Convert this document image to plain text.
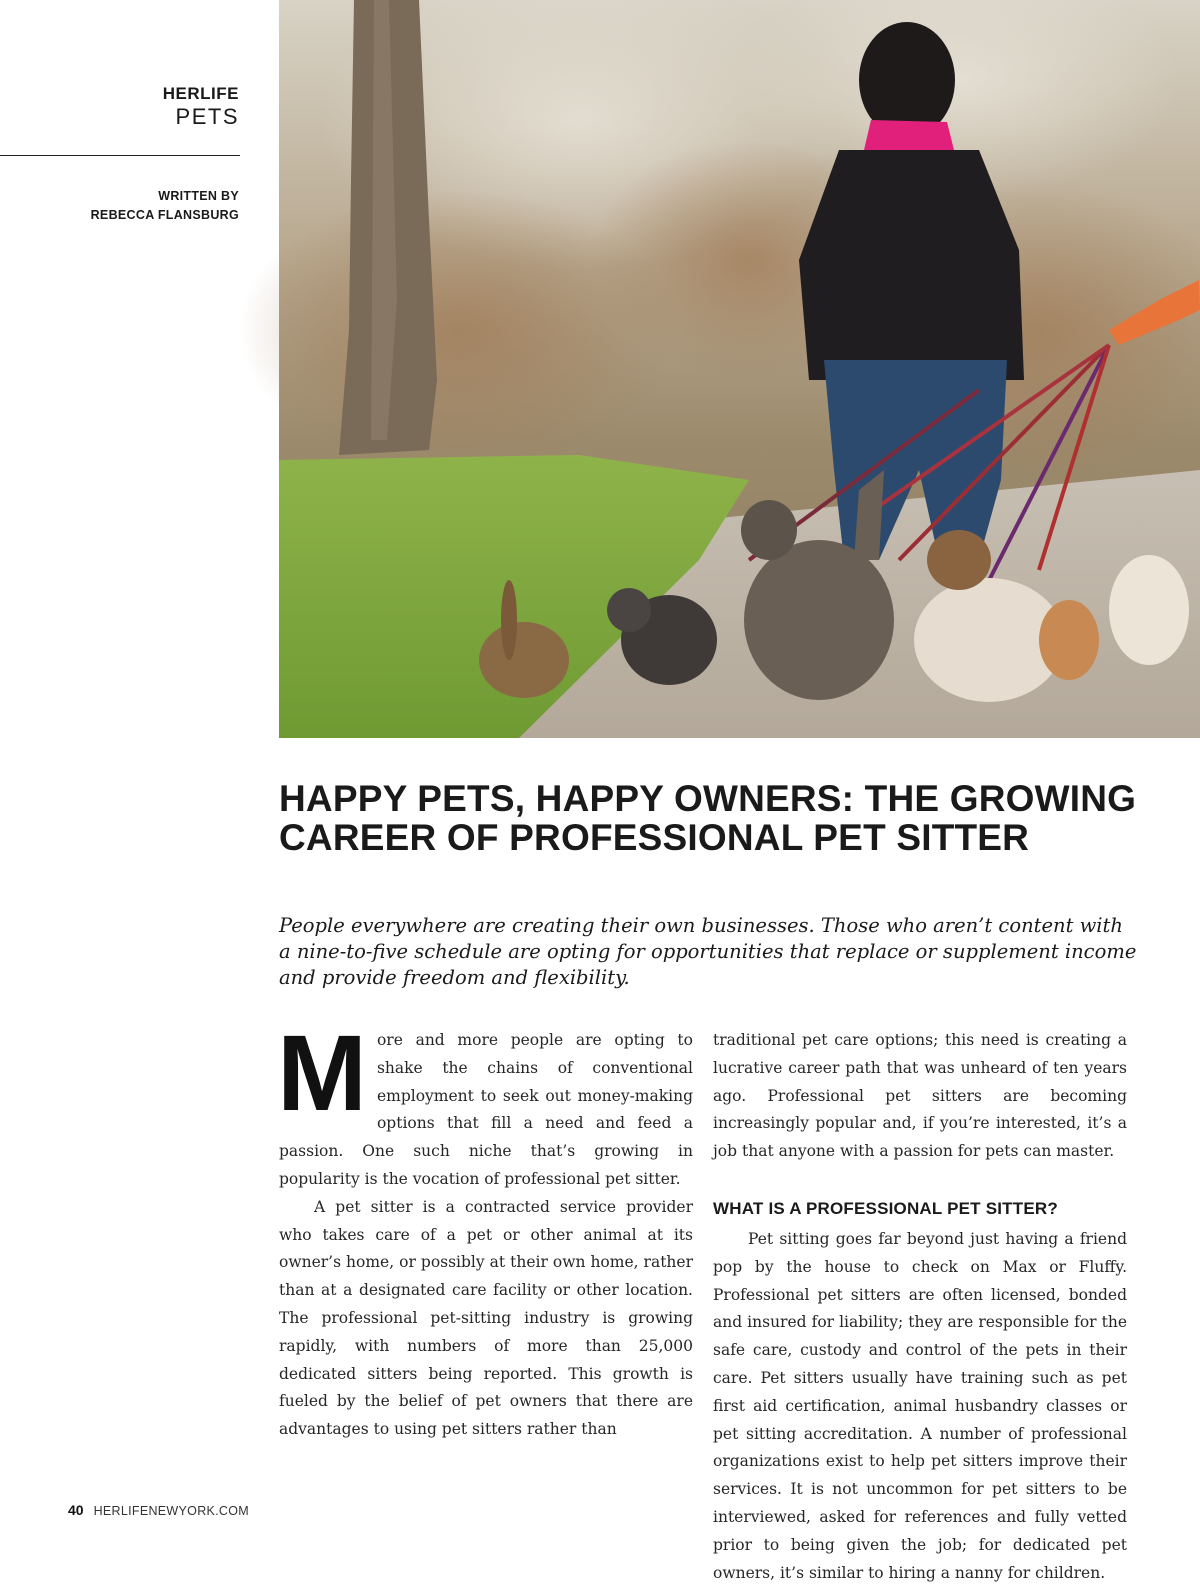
HERLIFE
PETS
WRITTEN BY
REBECCA FLANSBURG
HAPPY PETS, HAPPY OWNERS: THE GROWING CAREER OF PROFESSIONAL PET SITTER

People everywhere are creating their own businesses. Those who aren’t content with a nine-to-five schedule are opting for opportunities that replace or supplement income and provide freedom and flexibility.

More and more people are opting to shake the chains of conventional employment to seek out money-making options that fill a need and feed a passion. One such niche that’s growing in popularity is the vocation of professional pet sitter.

A pet sitter is a contracted service provider who takes care of a pet or other animal at its owner’s home, or possibly at their own home, rather than at a designated care facility or other location. The professional pet-sitting industry is growing rapidly, with numbers of more than 25,000 dedicated sitters being reported. This growth is fueled by the belief of pet owners that there are advantages to using pet sitters rather than

traditional pet care options; this need is creating a lucrative career path that was unheard of ten years ago. Professional pet sitters are becoming increasingly popular and, if you’re interested, it’s a job that anyone with a passion for pets can master.

WHAT IS A PROFESSIONAL PET SITTER?

Pet sitting goes far beyond just having a friend pop by the house to check on Max or Fluffy. Professional pet sitters are often licensed, bonded and insured for liability; they are responsible for the safe care, custody and control of the pets in their care. Pet sitters usually have training such as pet first aid certification, animal husbandry classes or pet sitting accreditation. A number of professional organizations exist to help pet sitters improve their services. It is not uncommon for pet sitters to be interviewed, asked for references and fully vetted prior to being given the job; for dedicated pet owners, it’s similar to hiring a nanny for children.

40 HERLIFENEWYORK.COM
